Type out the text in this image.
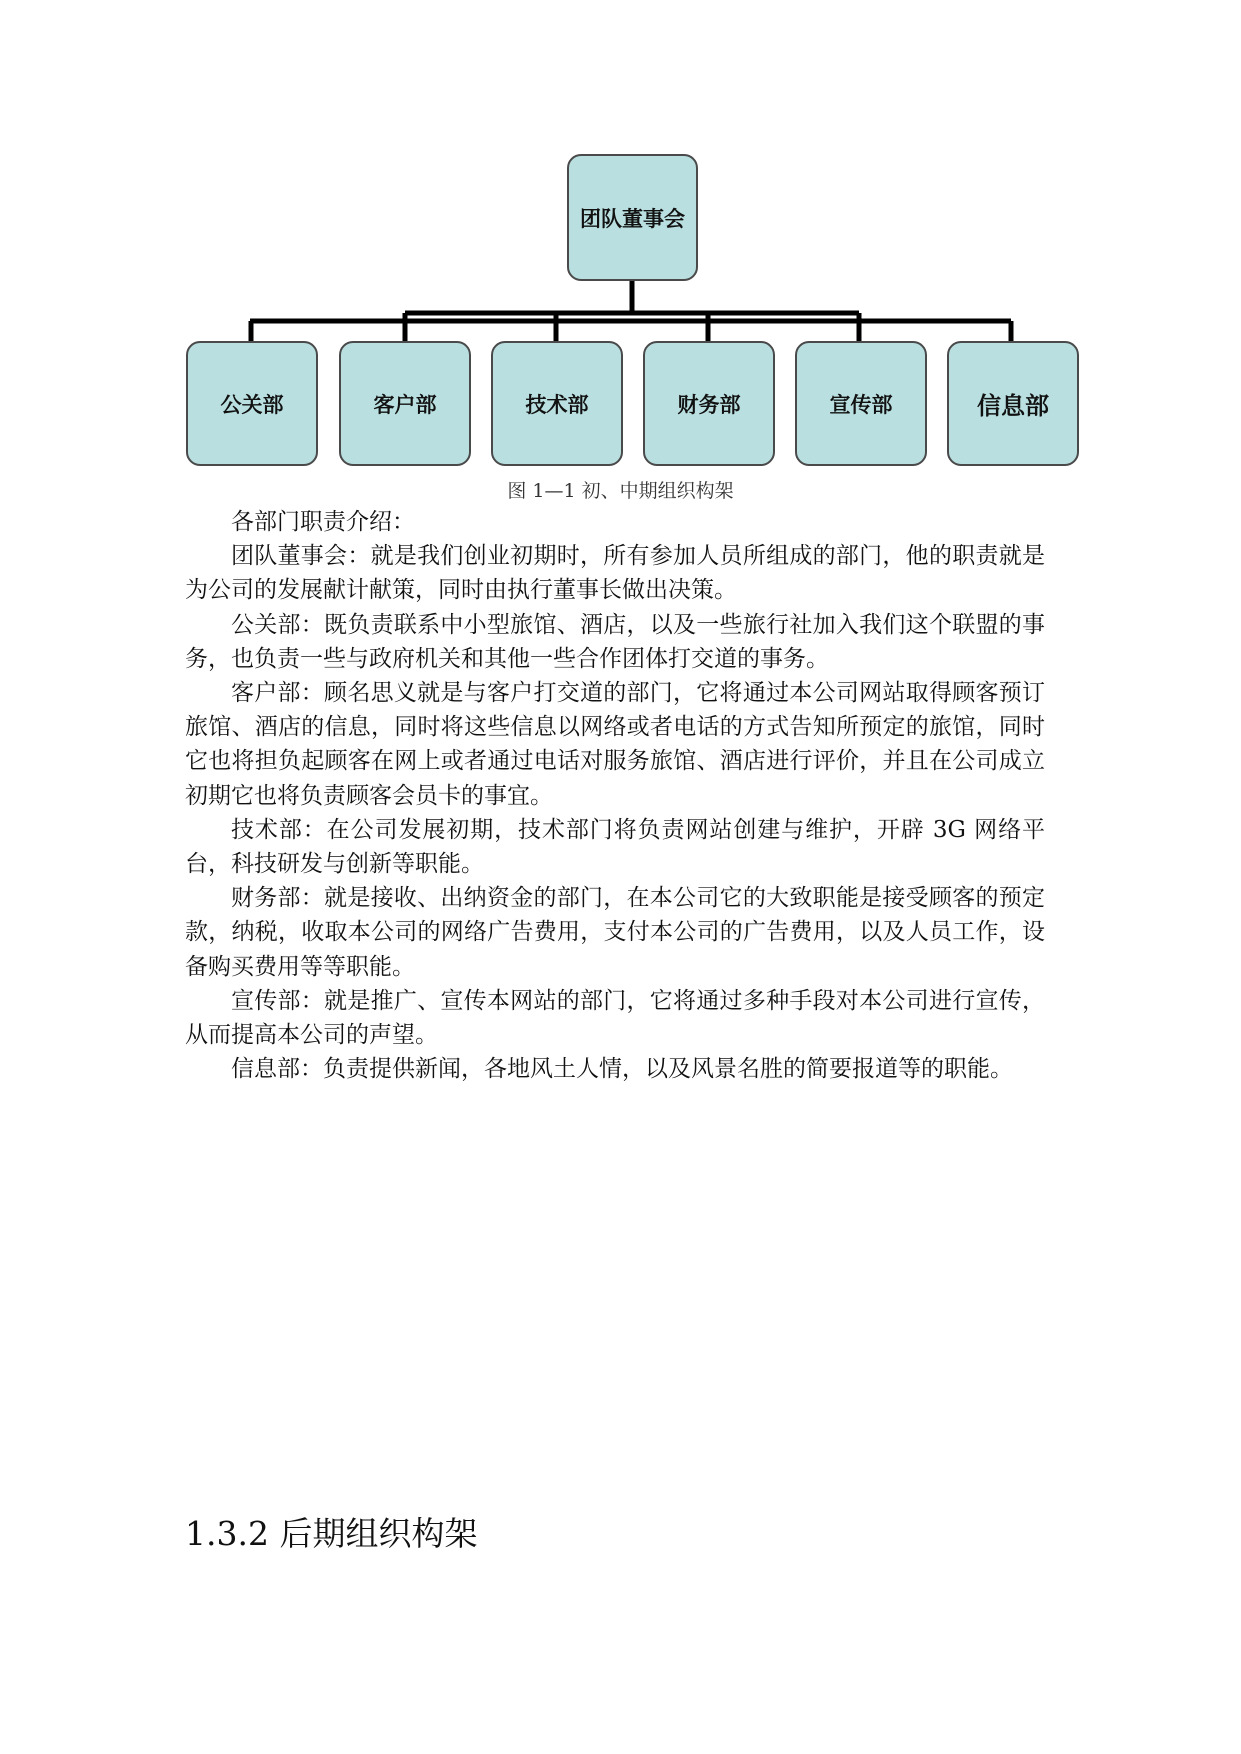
团队董事会
公关部	客户部	技术部	财务部	宣传部	信息部
图 1—1 初、中期组织构架

各部门职责介绍：

团队董事会：就是我们创业初期时，所有参加人员所组成的部门，他的职责就是为公司的发展献计献策，同时由执行董事长做出决策。

公关部：既负责联系中小型旅馆、酒店，以及一些旅行社加入我们这个联盟的事务，也负责一些与政府机关和其他一些合作团体打交道的事务。

客户部：顾名思义就是与客户打交道的部门，它将通过本公司网站取得顾客预订旅馆、酒店的信息，同时将这些信息以网络或者电话的方式告知所预定的旅馆，同时它也将担负起顾客在网上或者通过电话对服务旅馆、酒店进行评价，并且在公司成立初期它也将负责顾客会员卡的事宜。

技术部：在公司发展初期，技术部门将负责网站创建与维护，开辟 3G 网络平台，科技研发与创新等职能。

财务部：就是接收、出纳资金的部门，在本公司它的大致职能是接受顾客的预定款，纳税，收取本公司的网络广告费用，支付本公司的广告费用，以及人员工作，设备购买费用等等职能。

宣传部：就是推广、宣传本网站的部门，它将通过多种手段对本公司进行宣传，从而提高本公司的声望。

信息部：负责提供新闻，各地风土人情，以及风景名胜的简要报道等的职能。

1.3.2 后期组织构架
